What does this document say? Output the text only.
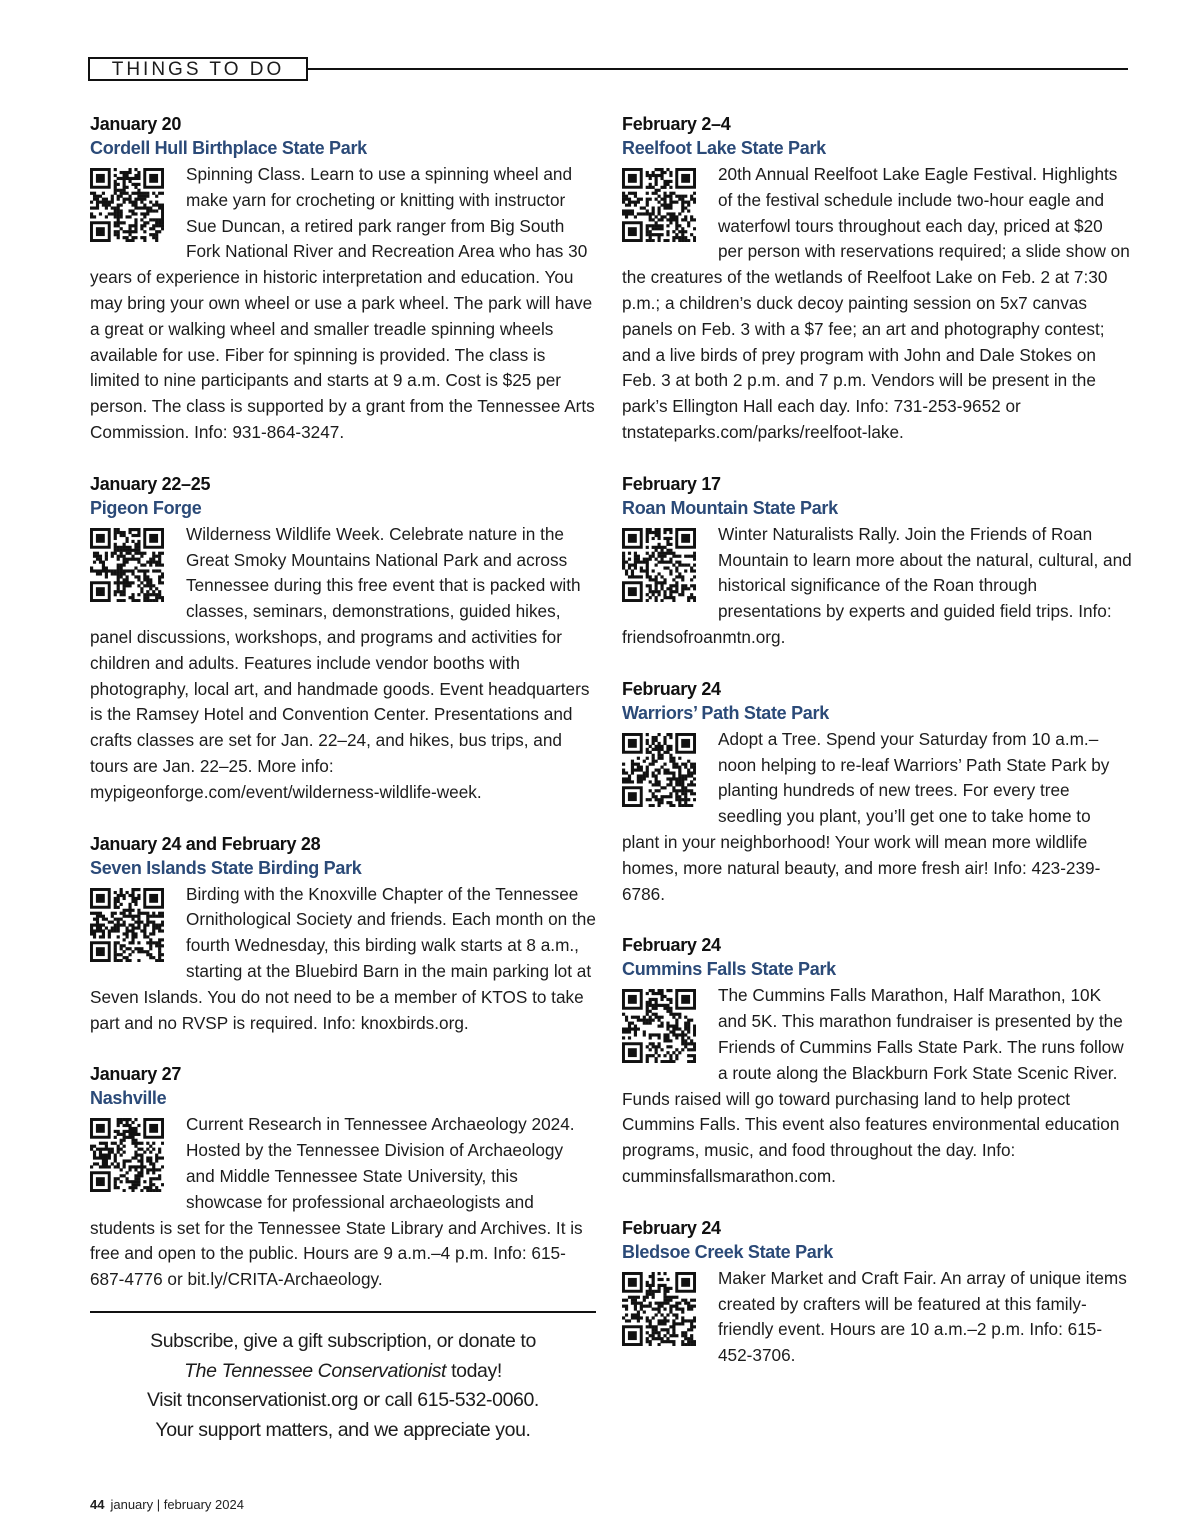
THINGS TO DO
January 20
Cordell Hull Birthplace State Park

Spinning Class. Learn to use a spinning wheel and make yarn for crocheting or knitting with instructor Sue Duncan, a retired park ranger from Big South Fork National River and Recreation Area who has 30 years of experience in historic interpretation and education. You may bring your own wheel or use a park wheel. The park will have a great or walking wheel and smaller treadle spinning wheels available for use. Fiber for spinning is provided. The class is limited to nine participants and starts at 9 a.m. Cost is $25 per person. The class is supported by a grant from the Tennessee Arts Commission. Info: 931-864-3247.

January 22–25
Pigeon Forge

Wilderness Wildlife Week. Celebrate nature in the Great Smoky Mountains National Park and across Tennessee during this free event that is packed with classes, seminars, demonstrations, guided hikes, panel discussions, workshops, and programs and activities for children and adults. Features include vendor booths with photography, local art, and handmade goods. Event headquarters is the Ramsey Hotel and Convention Center. Presentations and crafts classes are set for Jan. 22–24, and hikes, bus trips, and tours are Jan. 22–25. More info: mypigeonforge.com/event/wilderness-wildlife-week.

January 24 and February 28
Seven Islands State Birding Park

Birding with the Knoxville Chapter of the Tennessee Ornithological Society and friends. Each month on the fourth Wednesday, this birding walk starts at 8 a.m., starting at the Bluebird Barn in the main parking lot at Seven Islands. You do not need to be a member of KTOS to take part and no RVSP is required. Info: knoxbirds.org.

January 27
Nashville

Current Research in Tennessee Archaeology 2024. Hosted by the Tennessee Division of Archaeology and Middle Tennessee State University, this showcase for professional archaeologists and students is set for the Tennessee State Library and Archives. It is free and open to the public. Hours are 9 a.m.–4 p.m. Info: 615-687-4776 or bit.ly/CRITA-Archaeology.

February 2–4
Reelfoot Lake State Park

20th Annual Reelfoot Lake Eagle Festival. Highlights of the festival schedule include two-hour eagle and waterfowl tours throughout each day, priced at $20 per person with reservations required; a slide show on the creatures of the wetlands of Reelfoot Lake on Feb. 2 at 7:30 p.m.; a children’s duck decoy painting session on 5x7 canvas panels on Feb. 3 with a $7 fee; an art and photography contest; and a live birds of prey program with John and Dale Stokes on Feb. 3 at both 2 p.m. and 7 p.m. Vendors will be present in the park’s Ellington Hall each day. Info: 731-253-9652 or tnstateparks.com/parks/reelfoot-lake.

February 17
Roan Mountain State Park

Winter Naturalists Rally. Join the Friends of Roan Mountain to learn more about the natural, cultural, and historical significance of the Roan through presentations by experts and guided field trips. Info: friendsofroanmtn.org.

February 24
Warriors’ Path State Park

Adopt a Tree. Spend your Saturday from 10 a.m.–noon helping to re-leaf Warriors’ Path State Park by planting hundreds of new trees. For every tree seedling you plant, you’ll get one to take home to plant in your neighborhood! Your work will mean more wildlife homes, more natural beauty, and more fresh air! Info: 423-239-6786.

February 24
Cummins Falls State Park

The Cummins Falls Marathon, Half Marathon, 10K and 5K. This marathon fundraiser is presented by the Friends of Cummins Falls State Park. The runs follow a route along the Blackburn Fork State Scenic River. Funds raised will go toward purchasing land to help protect Cummins Falls. This event also features environmental education programs, music, and food throughout the day. Info: cumminsfallsmarathon.com.

February 24
Bledsoe Creek State Park

Maker Market and Craft Fair. An array of unique items created by crafters will be featured at this family-friendly event. Hours are 10 a.m.–2 p.m. Info: 615-452-3706.

Subscribe, give a gift subscription, or donate to
The Tennessee Conservationist today!
Visit tnconservationist.org or call 615-532-0060.
Your support matters, and we appreciate you.
44 january | february 2024
